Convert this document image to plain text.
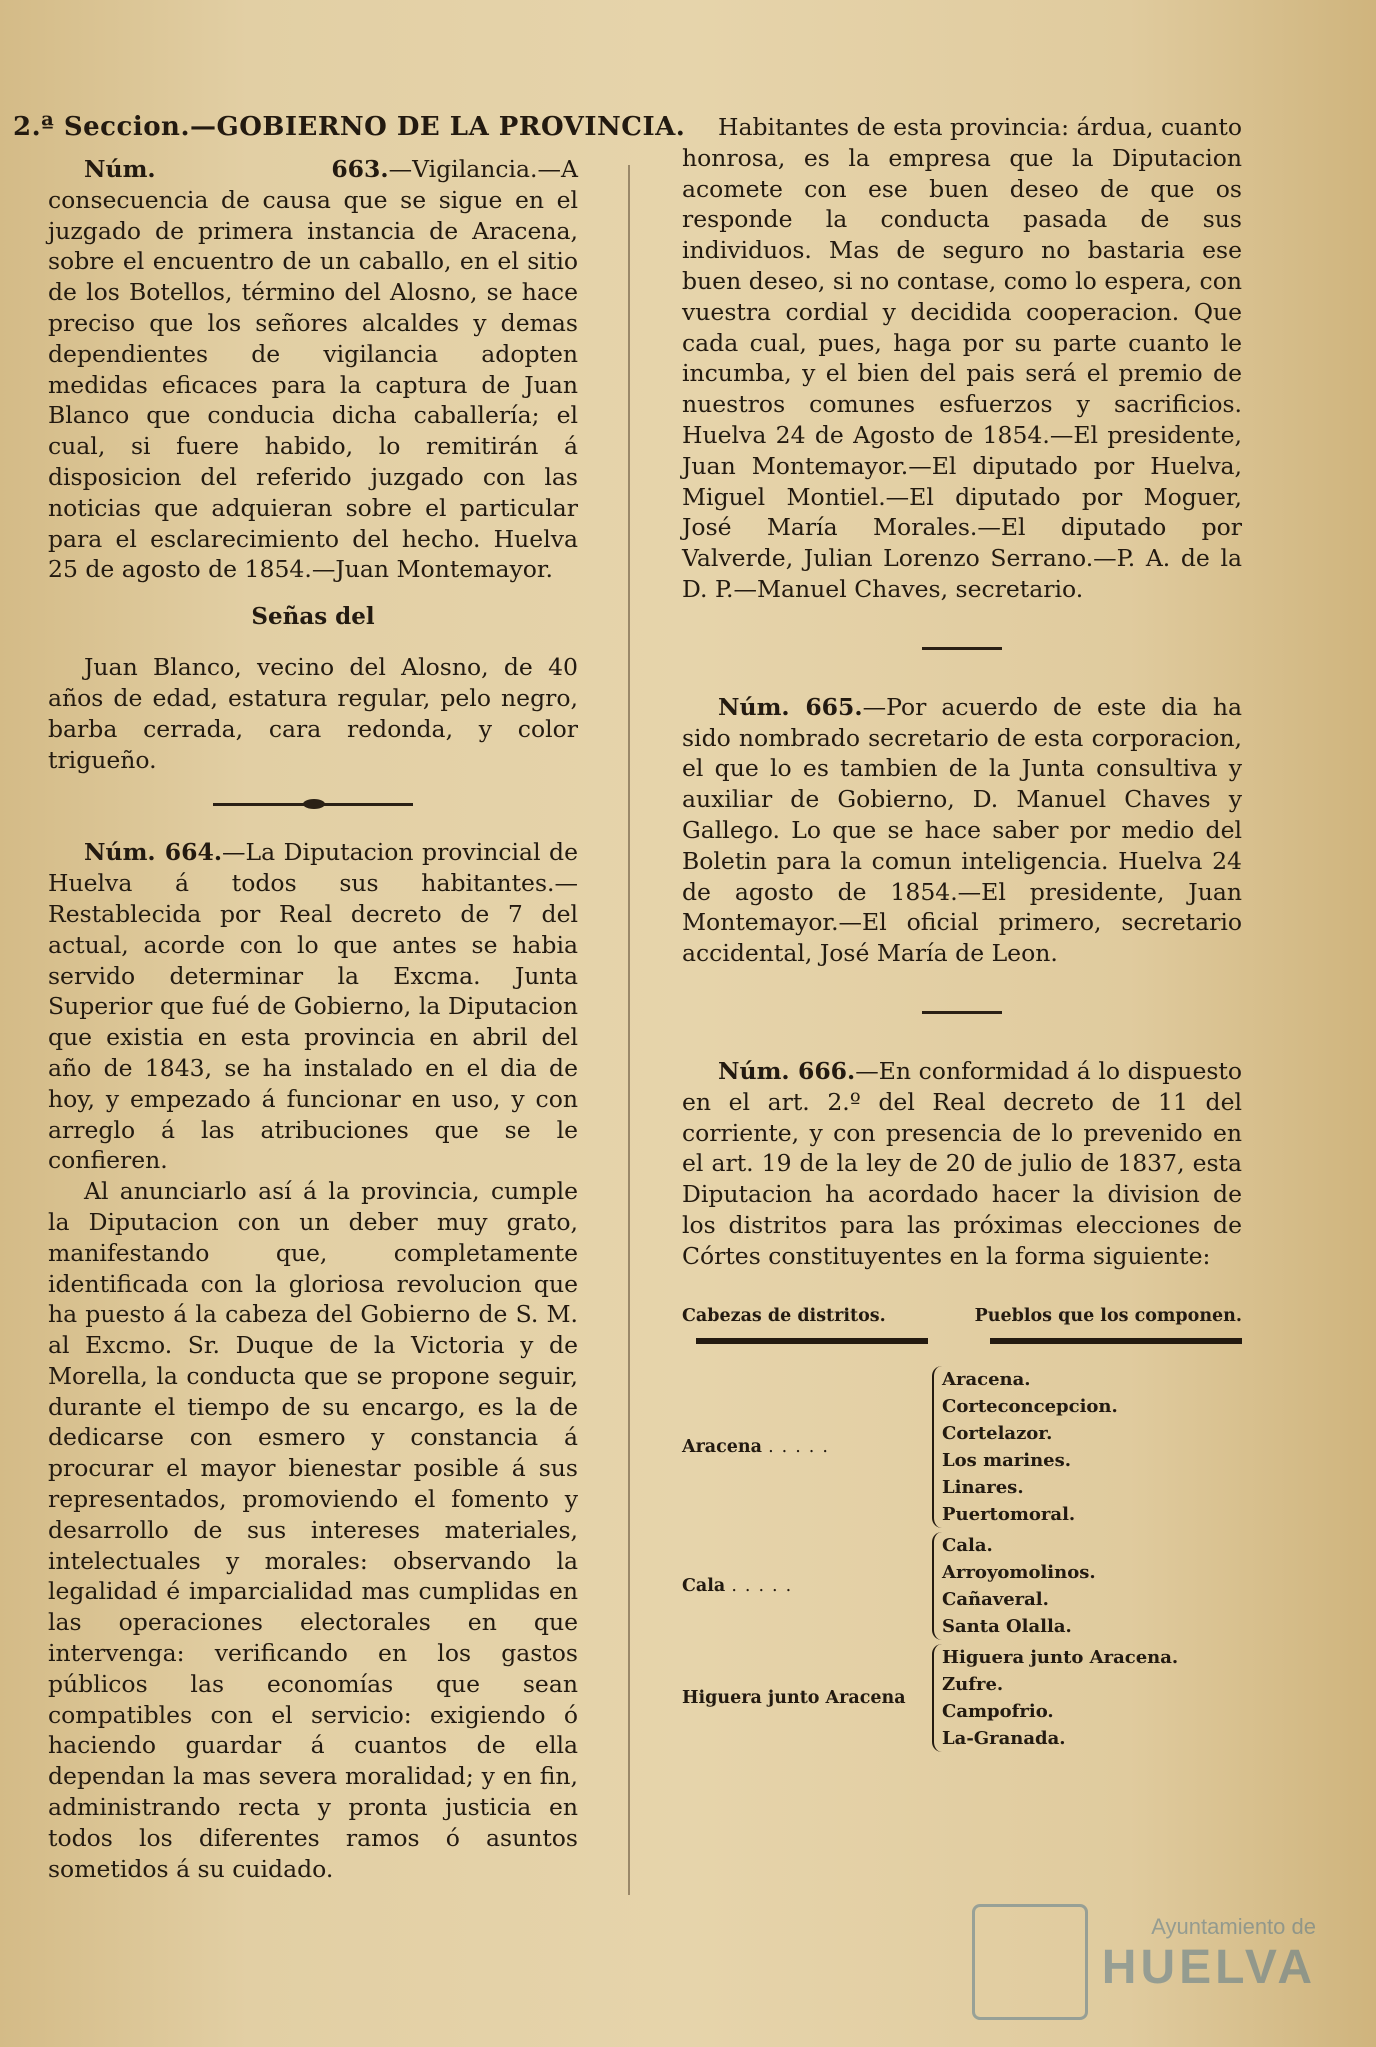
2.ª Seccion.—GOBIERNO DE LA PROVINCIA.

Núm. 663.—Vigilancia.—A consecuencia de causa que se sigue en el juzgado de primera instancia de Aracena, sobre el encuentro de un caballo, en el sitio de los Botellos, término del Alosno, se hace preciso que los señores alcaldes y demas dependientes de vigilancia adopten medidas eficaces para la captura de Juan Blanco que conducia dicha caballería; el cual, si fuere habido, lo remitirán á disposicion del referido juzgado con las noticias que adquieran sobre el particular para el esclarecimiento del hecho. Huelva 25 de agosto de 1854.—Juan Montemayor.

Señas del

Juan Blanco, vecino del Alosno, de 40 años de edad, estatura regular, pelo negro, barba cerrada, cara redonda, y color trigueño.

Núm. 664.—La Diputacion provincial de Huelva á todos sus habitantes.—Restablecida por Real decreto de 7 del actual, acorde con lo que antes se habia servido determinar la Excma. Junta Superior que fué de Gobierno, la Diputacion que existia en esta provincia en abril del año de 1843, se ha instalado en el dia de hoy, y empezado á funcionar en uso, y con arreglo á las atribuciones que se le confieren.

Al anunciarlo así á la provincia, cumple la Diputacion con un deber muy grato, manifestando que, completamente identificada con la gloriosa revolucion que ha puesto á la cabeza del Gobierno de S. M. al Excmo. Sr. Duque de la Victoria y de Morella, la conducta que se propone seguir, durante el tiempo de su encargo, es la de dedicarse con esmero y constancia á procurar el mayor bienestar posible á sus representados, promoviendo el fomento y desarrollo de sus intereses materiales, intelectuales y morales: observando la legalidad é imparcialidad mas cumplidas en las operaciones electorales en que intervenga: verificando en los gastos públicos las economías que sean compatibles con el servicio: exigiendo ó haciendo guardar á cuantos de ella dependan la mas severa moralidad; y en fin, administrando recta y pronta justicia en todos los diferentes ramos ó asuntos sometidos á su cuidado.

Habitantes de esta provincia: árdua, cuanto honrosa, es la empresa que la Diputacion acomete con ese buen deseo de que os responde la conducta pasada de sus individuos. Mas de seguro no bastaria ese buen deseo, si no contase, como lo espera, con vuestra cordial y decidida cooperacion. Que cada cual, pues, haga por su parte cuanto le incumba, y el bien del pais será el premio de nuestros comunes esfuerzos y sacrificios. Huelva 24 de Agosto de 1854.—El presidente, Juan Montemayor.—El diputado por Huelva, Miguel Montiel.—El diputado por Moguer, José María Morales.—El diputado por Valverde, Julian Lorenzo Serrano.—P. A. de la D. P.—Manuel Chaves, secretario.

Núm. 665.—Por acuerdo de este dia ha sido nombrado secretario de esta corporacion, el que lo es tambien de la Junta consultiva y auxiliar de Gobierno, D. Manuel Chaves y Gallego. Lo que se hace saber por medio del Boletin para la comun inteligencia. Huelva 24 de agosto de 1854.—El presidente, Juan Montemayor.—El oficial primero, secretario accidental, José María de Leon.

Núm. 666.—En conformidad á lo dispuesto en el art. 2.º del Real decreto de 11 del corriente, y con presencia de lo prevenido en el art. 19 de la ley de 20 de julio de 1837, esta Diputacion ha acordado hacer la division de los distritos para las próximas elecciones de Córtes constituyentes en la forma siguiente:

Cabezas de distritos.	Pueblos que los componen.
Aracena .....
Aracena.
Corteconcepcion.
Cortelazor.
Los marines.
Linares.
Puertomoral.
Cala .....
Cala.
Arroyomolinos.
Cañaveral.
Santa Olalla.
Higuera junto Aracena
Higuera junto Aracena.
Zufre.
Campofrio.
La-Granada.
Ayuntamiento de
HUELVA
